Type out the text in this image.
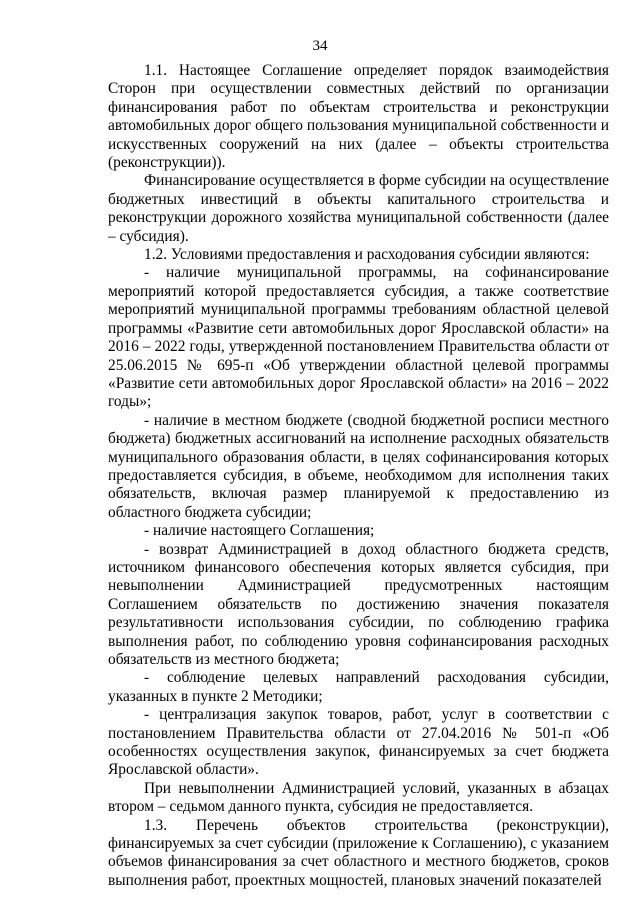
34

1.1. Настоящее Соглашение определяет порядок взаимодействия Сторон при осуществлении совместных действий по организации финансирования работ по объектам строительства и реконструкции автомобильных дорог общего пользования муниципальной собственности и искусственных сооружений на них (далее – объекты строительства (реконструкции)).

Финансирование осуществляется в форме субсидии на осуществление бюджетных инвестиций в объекты капитального строительства и реконструкции дорожного хозяйства муниципальной собственности (далее – субсидия).

1.2. Условиями предоставления и расходования субсидии являются:

- наличие муниципальной программы, на софинансирование мероприятий которой предоставляется субсидия, а также соответствие мероприятий муниципальной программы требованиям областной целевой программы «Развитие сети автомобильных дорог Ярославской области» на 2016 – 2022 годы, утвержденной постановлением Правительства области от 25.06.2015 № 695-п «Об утверждении областной целевой программы «Развитие сети автомобильных дорог Ярославской области» на 2016 – 2022 годы»;

- наличие в местном бюджете (сводной бюджетной росписи местного бюджета) бюджетных ассигнований на исполнение расходных обязательств муниципального образования области, в целях софинансирования которых предоставляется субсидия, в объеме, необходимом для исполнения таких обязательств, включая размер планируемой к предоставлению из областного бюджета субсидии;

- наличие настоящего Соглашения;

- возврат Администрацией в доход областного бюджета средств, источником финансового обеспечения которых является субсидия, при невыполнении Администрацией предусмотренных настоящим Соглашением обязательств по достижению значения показателя результативности использования субсидии, по соблюдению графика выполнения работ, по соблюдению уровня софинансирования расходных обязательств из местного бюджета;

- соблюдение целевых направлений расходования субсидии, указанных в пункте 2 Методики;

- централизация закупок товаров, работ, услуг в соответствии с постановлением Правительства области от 27.04.2016 № 501-п «Об особенностях осуществления закупок, финансируемых за счет бюджета Ярославской области».

При невыполнении Администрацией условий, указанных в абзацах втором – седьмом данного пункта, субсидия не предоставляется.

1.3. Перечень объектов строительства (реконструкции), финансируемых за счет субсидии (приложение к Соглашению), с указанием объемов финансирования за счет областного и местного бюджетов, сроков выполнения работ, проектных мощностей, плановых значений показателей
